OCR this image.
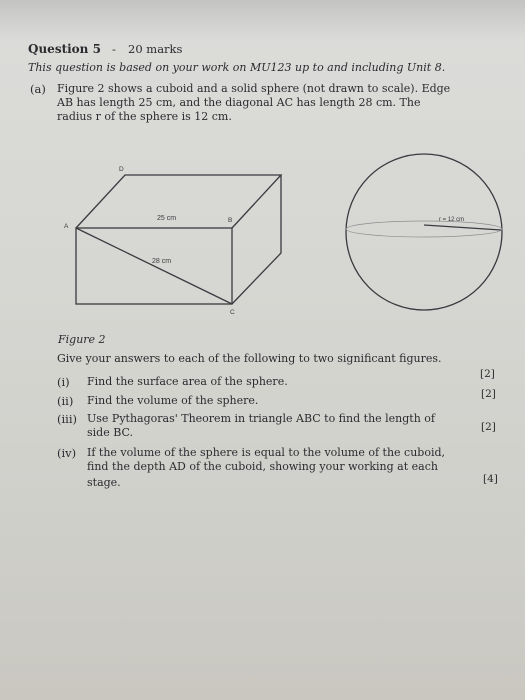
Question 5 - 20 marks
This question is based on your work on MU123 up to and including Unit 8.
(a) Figure 2 shows a cuboid and a solid sphere (not drawn to scale). Edge
AB has length 25 cm, and the diagonal AC has length 28 cm. The
radius r of the sphere is 12 cm.
D
A
B
C
25 cm
28 cm
r = 12 cm
Figure 2
Give your answers to each of the following to two significant figures.
(i) Find the surface area of the sphere.
[2]
(ii) Find the volume of the sphere.	[2]
(iii) Use Pythagoras' Theorem in triangle ABC to find the length of
side BC.	[2]
(iv) If the volume of the sphere is equal to the volume of the cuboid,
find the depth AD of the cuboid, showing your working at each
stage.	[4]
